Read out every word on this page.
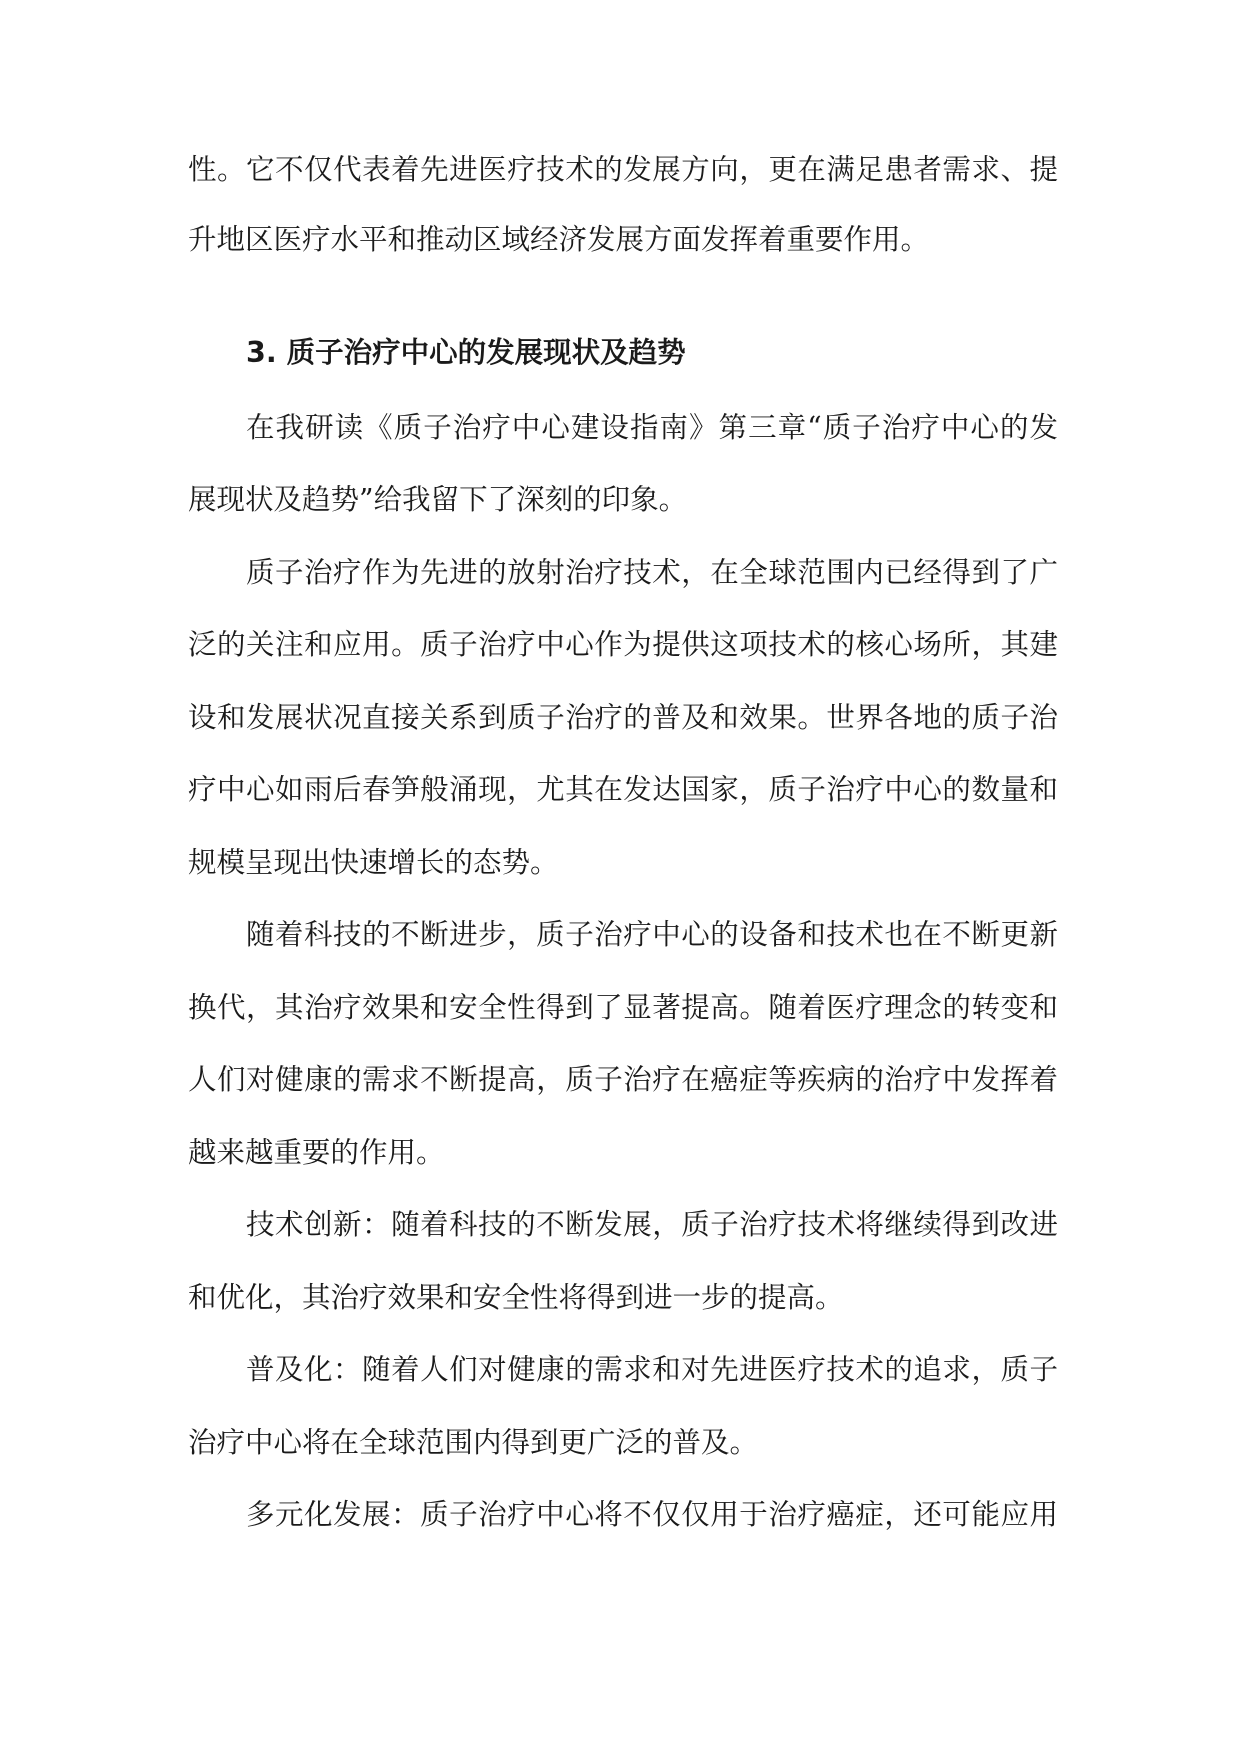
性。它不仅代表着先进医疗技术的发展方向，更在满足患者需求、提
升地区医疗水平和推动区域经济发展方面发挥着重要作用。
3. 质子治疗中心的发展现状及趋势
在我研读《质子治疗中心建设指南》第三章“质子治疗中心的发
展现状及趋势”给我留下了深刻的印象。
质子治疗作为先进的放射治疗技术，在全球范围内已经得到了广
泛的关注和应用。质子治疗中心作为提供这项技术的核心场所，其建
设和发展状况直接关系到质子治疗的普及和效果。世界各地的质子治
疗中心如雨后春笋般涌现，尤其在发达国家，质子治疗中心的数量和
规模呈现出快速增长的态势。
随着科技的不断进步，质子治疗中心的设备和技术也在不断更新
换代，其治疗效果和安全性得到了显著提高。随着医疗理念的转变和
人们对健康的需求不断提高，质子治疗在癌症等疾病的治疗中发挥着
越来越重要的作用。
技术创新：随着科技的不断发展，质子治疗技术将继续得到改进
和优化，其治疗效果和安全性将得到进一步的提高。
普及化：随着人们对健康的需求和对先进医疗技术的追求，质子
治疗中心将在全球范围内得到更广泛的普及。
多元化发展：质子治疗中心将不仅仅用于治疗癌症，还可能应用
